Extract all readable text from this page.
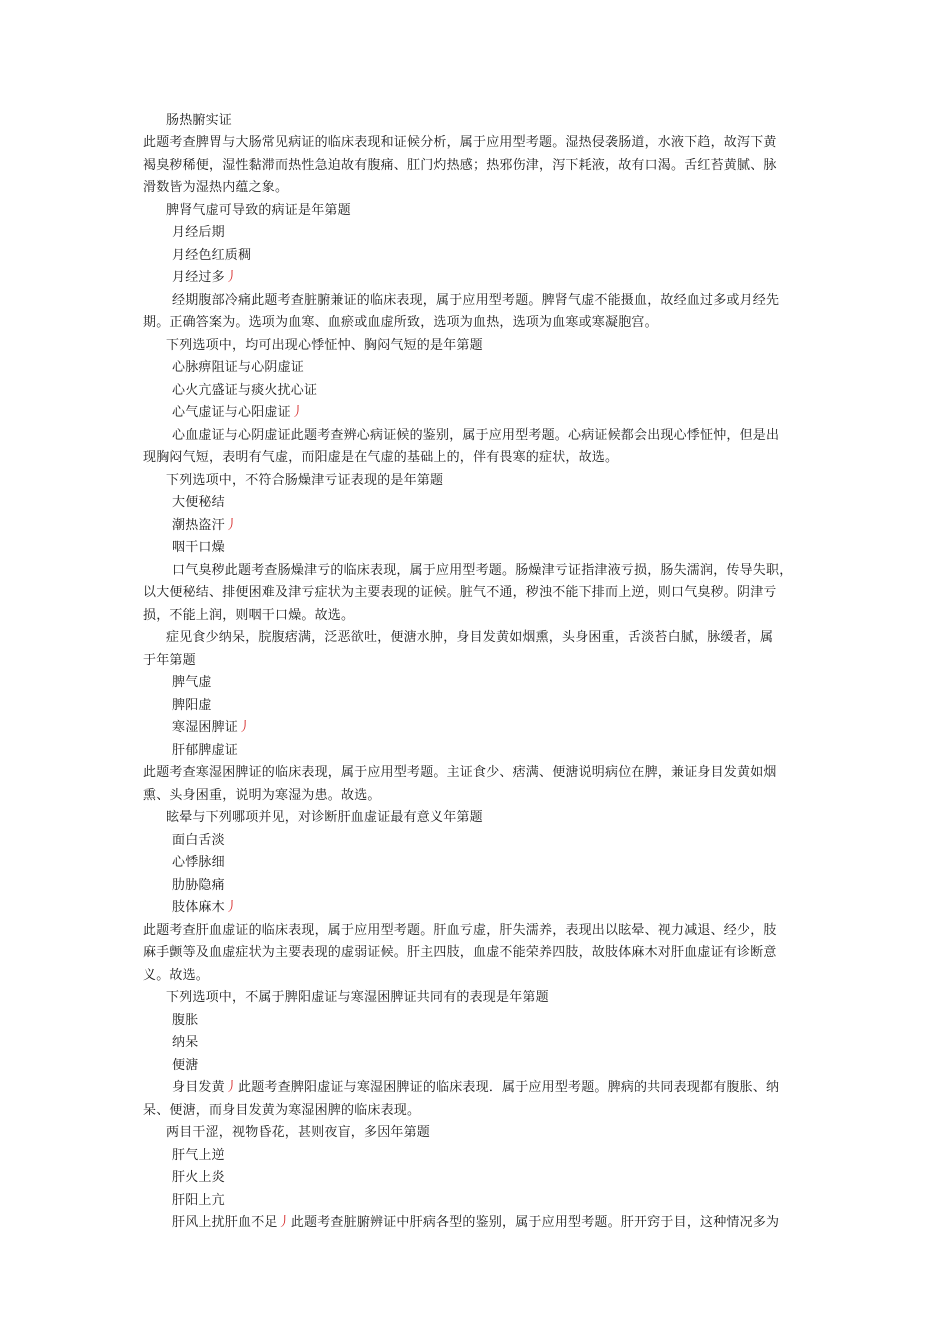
肠热腑实证
此题考查脾胃与大肠常见病证的临床表现和证候分析，属于应用型考题。湿热侵袭肠道，水液下趋，故泻下黄
褐臭秽稀便，湿性黏滞而热性急迫故有腹痛、肛门灼热感；热邪伤津，泻下耗液，故有口渴。舌红苔黄腻、脉
滑数皆为湿热内蕴之象。
脾肾气虚可导致的病证是年第题
月经后期
月经色红质稠
月经过多丿
经期腹部冷痛此题考查脏腑兼证的临床表现，属于应用型考题。脾肾气虚不能摄血，故经血过多或月经先
期。正确答案为。选项为血寒、血瘀或血虚所致，选项为血热，选项为血寒或寒凝胞宫。
下列选项中，均可出现心悸怔忡、胸闷气短的是年第题
心脉痹阻证与心阴虚证
心火亢盛证与痰火扰心证
心气虚证与心阳虚证丿
心血虚证与心阴虚证此题考查辨心病证候的鉴别，属于应用型考题。心病证候都会出现心悸怔忡，但是出
现胸闷气短，表明有气虚，而阳虚是在气虚的基础上的，伴有畏寒的症状，故选。
下列选项中，不符合肠燥津亏证表现的是年第题
大便秘结
潮热盗汗丿
咽干口燥
口气臭秽此题考查肠燥津亏的临床表现，属于应用型考题。肠燥津亏证指津液亏损，肠失濡润，传导失职，
以大便秘结、排便困难及津亏症状为主要表现的证候。脏气不通，秽浊不能下排而上逆，则口气臭秽。阴津亏
损，不能上润，则咽干口燥。故选。
症见食少纳呆，脘腹痞满，泛恶欲吐，便溏水肿，身目发黄如烟熏，头身困重，舌淡苔白腻，脉缓者，属
于年第题
脾气虚
脾阳虚
寒湿困脾证丿
肝郁脾虚证
此题考查寒湿困脾证的临床表现，属于应用型考题。主证食少、痞满、便溏说明病位在脾，兼证身目发黄如烟
熏、头身困重，说明为寒湿为患。故选。
眩晕与下列哪项并见，对诊断肝血虚证最有意义年第题
面白舌淡
心悸脉细
肋胁隐痛
肢体麻木丿
此题考查肝血虚证的临床表现，属于应用型考题。肝血亏虚，肝失濡养，表现出以眩晕、视力减退、经少，肢
麻手颤等及血虚症状为主要表现的虚弱证候。肝主四肢，血虚不能荣养四肢，故肢体麻木对肝血虚证有诊断意
义。故选。
下列选项中，不属于脾阳虚证与寒湿困脾证共同有的表现是年第题
腹胀
纳呆
便溏
身目发黄丿此题考查脾阳虚证与寒湿困脾证的临床表现．属于应用型考题。脾病的共同表现都有腹胀、纳
呆、便溏，而身目发黄为寒湿困脾的临床表现。
两目干涩，视物昏花，甚则夜盲，多因年第题
肝气上逆
肝火上炎
肝阳上亢
肝风上扰肝血不足丿此题考查脏腑辨证中肝病各型的鉴别，属于应用型考题。肝开窍于目，这种情况多为
